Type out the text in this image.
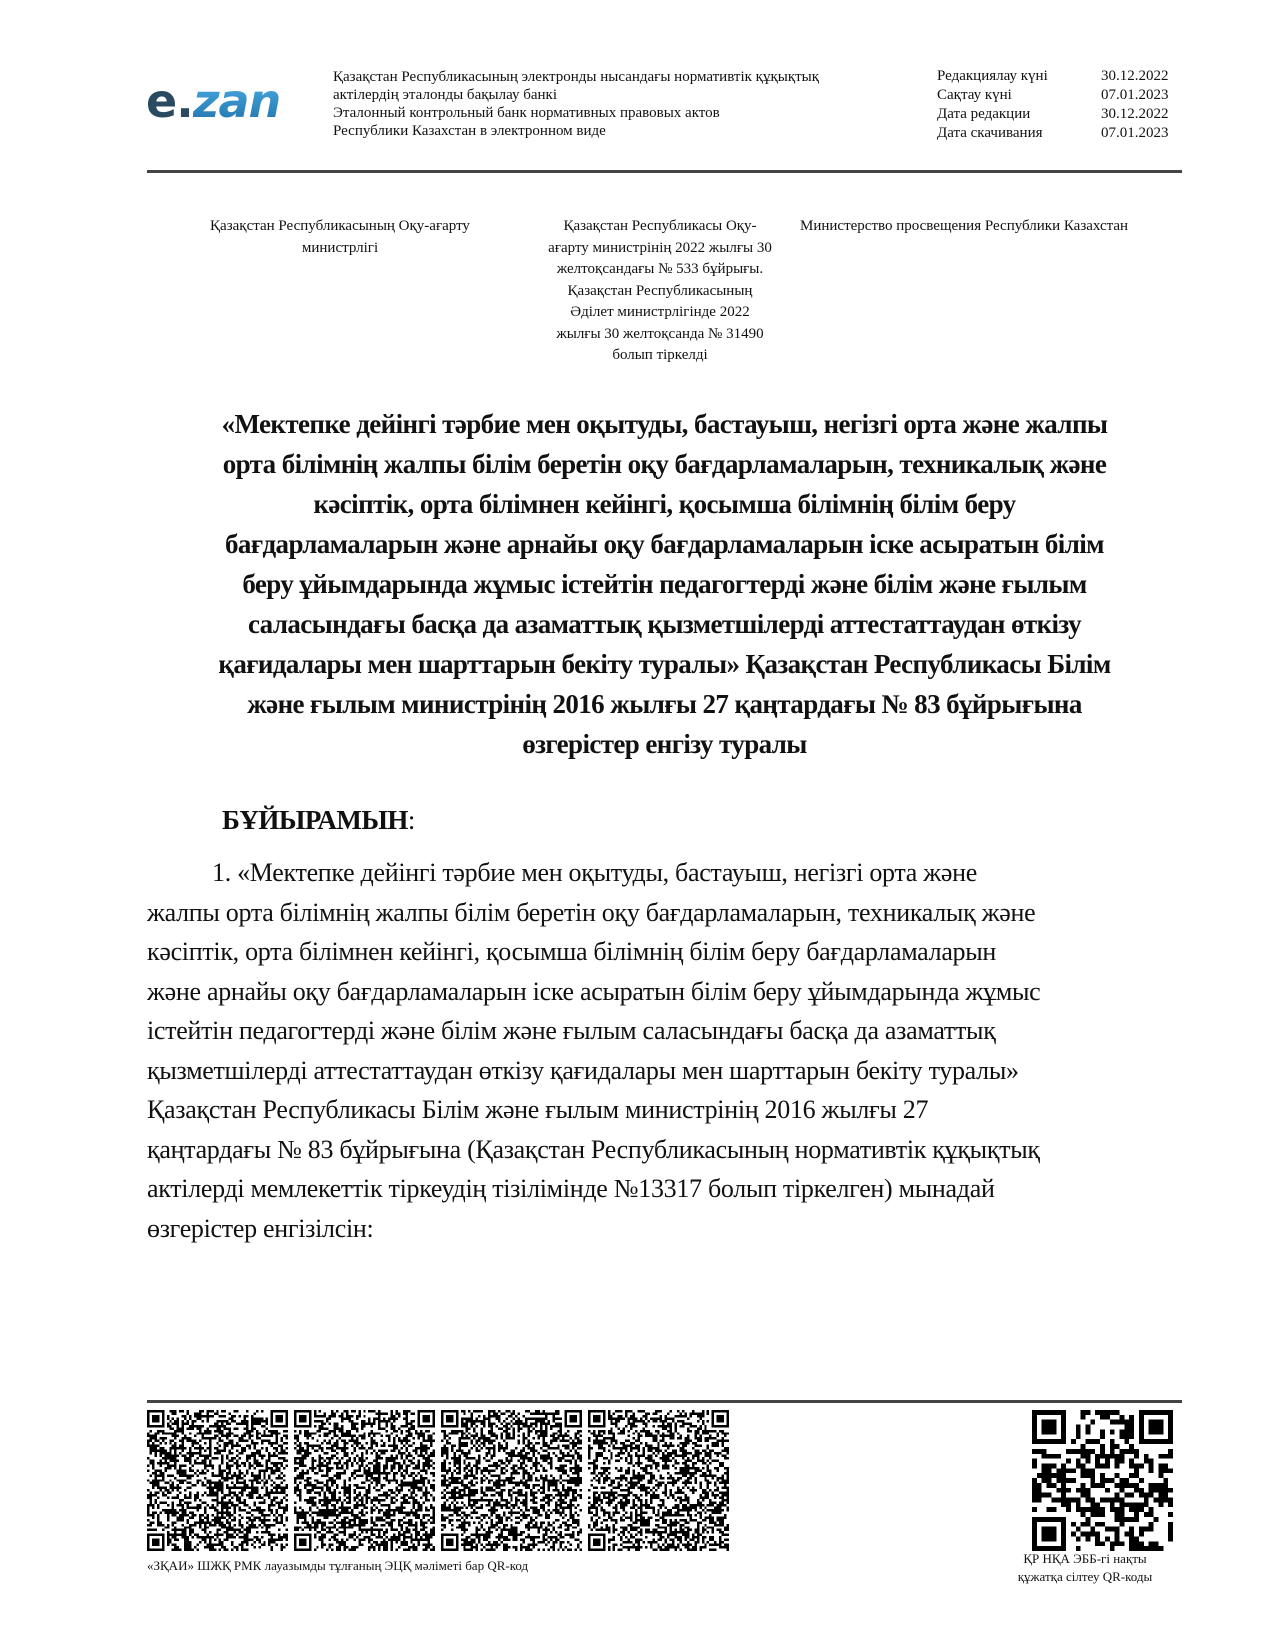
e.zan	Қазақстан Республикасының электронды нысандағы нормативтік құқықтық
актілердің эталонды бақылау банкі
Эталонный контрольный банк нормативных правовых актов
Республики Казахстан в электронном виде
Редакциялау күні	30.12.2022
Сақтау күні	07.01.2023
Дата редакции	30.12.2022
Дата скачивания	07.01.2023
Қазақстан Республикасының Оқу-ағарту
министрлігі
Қазақстан Республикасы Оқу-
ағарту министрінің 2022 жылғы 30
желтоқсандағы № 533 бұйрығы.
Қазақстан Республикасының
Әділет министрлігінде 2022
жылғы 30 желтоқсанда № 31490
болып тіркелді
Министерство просвещения Республики Казахстан
«Мектепке дейінгі тәрбие мен оқытуды, бастауыш, негізгі орта және жалпы
орта білімнің жалпы білім беретін оқу бағдарламаларын, техникалық және
кәсіптік, орта білімнен кейінгі, қосымша білімнің білім беру
бағдарламаларын және арнайы оқу бағдарламаларын іске асыратын білім
беру ұйымдарында жұмыс істейтін педагогтерді және білім және ғылым
саласындағы басқа да азаматтық қызметшілерді аттестаттаудан өткізу
қағидалары мен шарттарын бекіту туралы» Қазақстан Республикасы Білім
және ғылым министрінің 2016 жылғы 27 қаңтардағы № 83 бұйрығына
өзгерістер енгізу туралы
БҰЙЫРАМЫН:
1. «Мектепке дейінгі тәрбие мен оқытуды, бастауыш, негізгі орта және
жалпы орта білімнің жалпы білім беретін оқу бағдарламаларын, техникалық және
кәсіптік, орта білімнен кейінгі, қосымша білімнің білім беру бағдарламаларын
және арнайы оқу бағдарламаларын іске асыратын білім беру ұйымдарында жұмыс
істейтін педагогтерді және білім және ғылым саласындағы басқа да азаматтық
қызметшілерді аттестаттаудан өткізу қағидалары мен шарттарын бекіту туралы»
Қазақстан Республикасы Білім және ғылым министрінің 2016 жылғы 27
қаңтардағы № 83 бұйрығына (Қазақстан Республикасының нормативтік құқықтық
актілерді мемлекеттік тіркеудің тізілімінде №13317 болып тіркелген) мынадай
өзгерістер енгізілсін:
«ЗҚАИ» ШЖҚ РМК лауазымды тұлғаның ЭЦҚ мәліметі бар QR-код	ҚР НҚА ЭББ-гі нақты
құжатқа сілтеу QR-коды
